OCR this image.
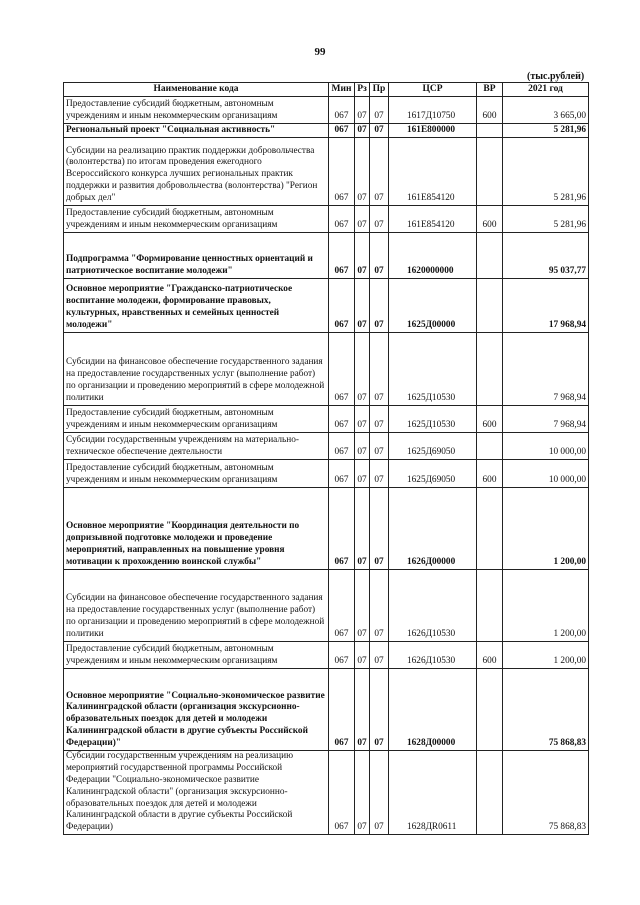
99
(тыс.рублей)
Наименование кода	Мин	Рз	Пр	ЦСР	ВР	2021 год
Предоставление субсидий бюджетным, автономным учреждениям и иным некоммерческим организациям	067	07	07	1617Д10750	600	3 665,00
Региональный проект "Социальная активность"	067	07	07	161E800000		5 281,96
Субсидии на реализацию практик поддержки добровольчества (волонтерства) по итогам проведения ежегодного Всероссийского конкурса лучших региональных практик поддержки и развития добровольчества (волонтерства) "Регион добрых дел"	067	07	07	161E854120		5 281,96
Предоставление субсидий бюджетным, автономным учреждениям и иным некоммерческим организациям	067	07	07	161E854120	600	5 281,96
Подпрограмма "Формирование ценностных ориентаций и патриотическое воспитание молодежи"	067	07	07	1620000000		95 037,77
Основное мероприятие "Гражданско-патриотическое воспитание молодежи, формирование правовых, культурных, нравственных и семейных ценностей молодежи"	067	07	07	1625Д00000		17 968,94
Субсидии на финансовое обеспечение государственного задания на предоставление государственных услуг (выполнение работ) по организации и проведению мероприятий в сфере молодежной политики	067	07	07	1625Д10530		7 968,94
Предоставление субсидий бюджетным, автономным учреждениям и иным некоммерческим организациям	067	07	07	1625Д10530	600	7 968,94
Субсидии государственным учреждениям на материально-техническое обеспечение деятельности	067	07	07	1625Д69050		10 000,00
Предоставление субсидий бюджетным, автономным учреждениям и иным некоммерческим организациям	067	07	07	1625Д69050	600	10 000,00
Основное мероприятие "Координация деятельности по допризывной подготовке молодежи и проведение мероприятий, направленных на повышение уровня мотивации к прохождению воинской службы"	067	07	07	1626Д00000		1 200,00
Субсидии на финансовое обеспечение государственного задания на предоставление государственных услуг (выполнение работ) по организации и проведению мероприятий в сфере молодежной политики	067	07	07	1626Д10530		1 200,00
Предоставление субсидий бюджетным, автономным учреждениям и иным некоммерческим организациям	067	07	07	1626Д10530	600	1 200,00
Основное мероприятие "Социально-экономическое развитие Калининградской области (организация экскурсионно-образовательных поездок для детей и молодежи Калининградской области в другие субъекты Российской Федерации)"	067	07	07	1628Д00000		75 868,83
Субсидии государственным учреждениям на реализацию мероприятий государственной программы Российской Федерации "Социально-экономическое развитие Калининградской области" (организация экскурсионно-образовательных поездок для детей и молодежи Калининградской области в другие субъекты Российской Федерации)	067	07	07	1628ДR0611		75 868,83
